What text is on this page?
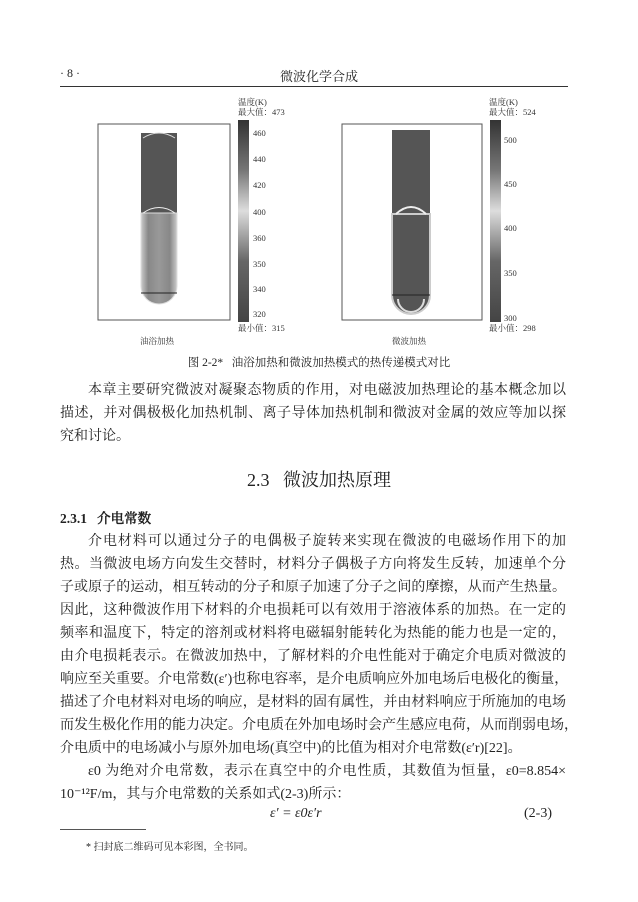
· 8 ·	微波化学合成
温度(K)
最大值：473
最小值：315
460
440
420
400
360
350
340
320
油浴加热
温度(K)
最大值：524
最小值：298
500
450
400
350
300
微波加热
图 2-2* 油浴加热和微波加热模式的热传递模式对比
本章主要研究微波对凝聚态物质的作用，对电磁波加热理论的基本概念加以
描述，并对偶极极化加热机制、离子导体加热机制和微波对金属的效应等加以探
究和讨论。
2.3 微波加热原理
2.3.1 介电常数
介电材料可以通过分子的电偶极子旋转来实现在微波的电磁场作用下的加
热。当微波电场方向发生交替时，材料分子偶极子方向将发生反转，加速单个分
子或原子的运动，相互转动的分子和原子加速了分子之间的摩擦，从而产生热量。
因此，这种微波作用下材料的介电损耗可以有效用于溶液体系的加热。在一定的
频率和温度下，特定的溶剂或材料将电磁辐射能转化为热能的能力也是一定的，
由介电损耗表示。在微波加热中，了解材料的介电性能对于确定介电质对微波的
响应至关重要。介电常数(ε′)也称电容率，是介电质响应外加电场后电极化的衡量，
描述了介电材料对电场的响应，是材料的固有属性，并由材料响应于所施加的电场
而发生极化作用的能力决定。介电质在外加电场时会产生感应电荷，从而削弱电场，
介电质中的电场减小与原外加电场(真空中)的比值为相对介电常数(ε′r)[22]。
ε0 为绝对介电常数，表示在真空中的介电性质，其数值为恒量，ε0=8.854×
10⁻¹²F/m，其与介电常数的关系如式(2-3)所示：
ε′ = ε0ε′r	(2-3)
* 扫封底二维码可见本彩图，全书同。
